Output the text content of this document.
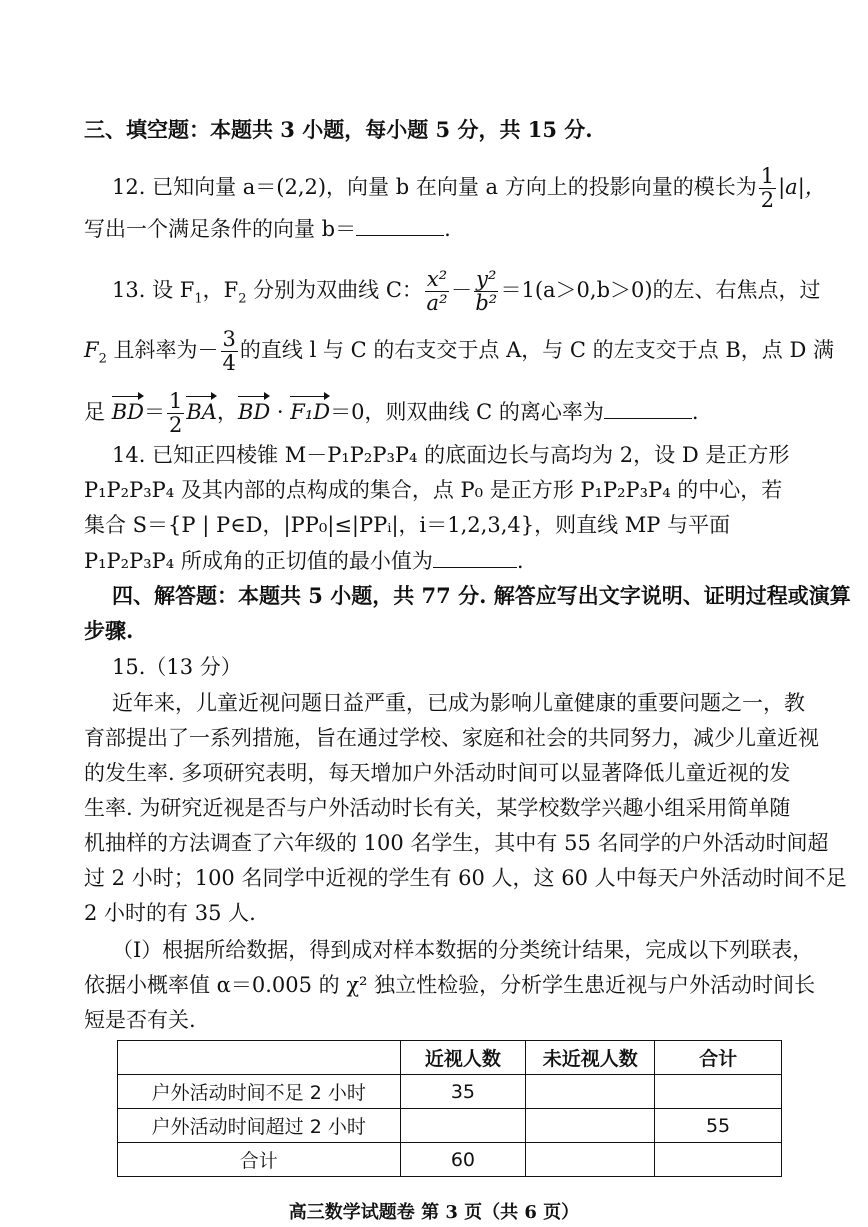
三、填空题：本题共 3 小题，每小题 5 分，共 15 分.
12. 已知向量 a＝(2,2)，向量 b 在向量 a 方向上的投影向量的模长为 $\frac{1}{2} |a|$，
写出一个满足条件的向量 b＝	.
13. 设 $F_1$，$F_2$ 分别为双曲线 C： $\frac{\text{x²}}{\text{a²}} - \frac{\text{y²}}{\text{b²}} =1(a>0,b>0)$的左、右焦点，过
$F_2$ 且斜率为－ $\frac{3}{4}$ 的直线 l 与 C 的右支交于点 A，与 C 的左支交于点 B，点 D 满
足 $BD= \frac{1}{2}$ BA，BD · F₁D＝0，则双曲线 C 的离心率为	.
14. 已知正四棱锥 M－P₁P₂P₃P₄ 的底面边长与高均为 2，设 D 是正方形
P₁P₂P₃P₄ 及其内部的点构成的集合，点 P₀ 是正方形 P₁P₂P₃P₄ 的中心，若
集合 S＝{P | P∈D，|PP₀|≤|PPᵢ|，i＝1,2,3,4}，则直线 MP 与平面
P₁P₂P₃P₄ 所成角的正切值的最小值为	.
四、解答题：本题共 5 小题，共 77 分. 解答应写出文字说明、证明过程或演算
步骤.
15.（13 分）
近年来，儿童近视问题日益严重，已成为影响儿童健康的重要问题之一，教
育部提出了一系列措施，旨在通过学校、家庭和社会的共同努力，减少儿童近视
的发生率. 多项研究表明，每天增加户外活动时间可以显著降低儿童近视的发
生率. 为研究近视是否与户外活动时长有关，某学校数学兴趣小组采用简单随
机抽样的方法调查了六年级的 100 名学生，其中有 55 名同学的户外活动时间超
过 2 小时；100 名同学中近视的学生有 60 人，这 60 人中每天户外活动时间不足
2 小时的有 35 人.
（Ⅰ）根据所给数据，得到成对样本数据的分类统计结果，完成以下列联表，
依据小概率值 α＝0.005 的 χ² 独立性检验，分析学生患近视与户外活动时间长
短是否有关.
	近视人数	未近视人数	合计
户外活动时间不足 2 小时	35		
户外活动时间超过 2 小时			55
合计	60		
高三数学试题卷 第 3 页（共 6 页）
